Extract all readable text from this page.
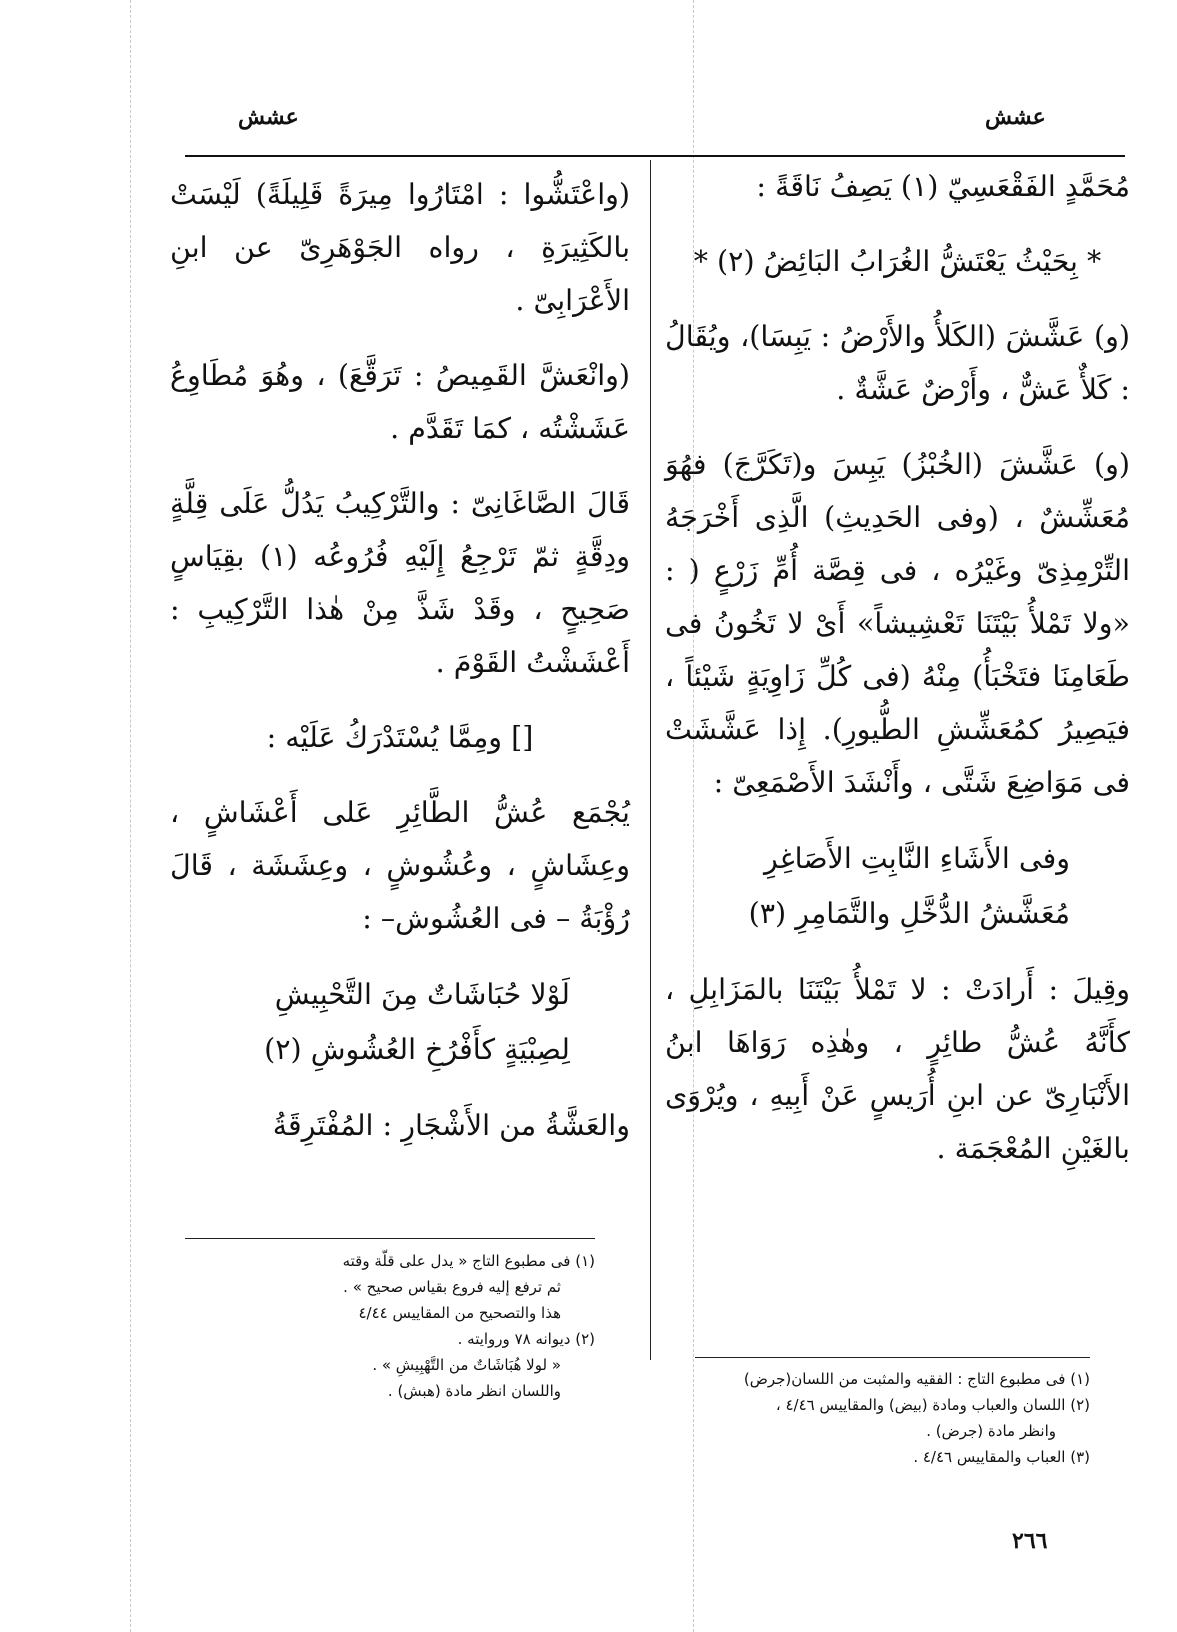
عشش	عشش

مُحَمَّدٍ الفَقْعَسِيّ (١) يَصِفُ نَاقَةً :

* بِحَيْثُ يَعْتَشُّ الغُرَابُ البَائِضُ (٢) *

(و) عَشَّشَ (الكَلأُ والأَرْضُ : يَبِسَا)، ويُقَالُ : كَلأٌ عَشٌّ ، وأَرْضٌ عَشَّةٌ .

(و) عَشَّشَ (الخُبْزُ) يَبِسَ و(تَكَرَّجَ) فهُوَ مُعَشِّشٌ ، (وفى الحَدِيثِ) الَّذِى أَخْرَجَهُ التِّرْمِذِىّ وغَيْرُه ، فى قِصَّة أُمِّ زَرْعٍ ( : «ولا تَمْلأُ بَيْتَنَا تَعْشِيشاً» أَىْ لا تَخُونُ فى طَعَامِنَا فتَخْبَأُ) مِنْهُ (فى كُلِّ زَاوِيَةٍ شَيْئاً ، فيَصِيرُ كمُعَشِّشِ الطُّيورِ). إِذا عَشَّشَتْ فى مَوَاضِعَ شَتَّى ، وأَنْشَدَ الأَصْمَعِىّ :

وفى الأَشَاءِ النَّابِتِ الأَصَاغِرِ
مُعَشَّشُ الدُّخَّلِ والتَّمَامِرِ (٣)

وقِيلَ : أَرادَتْ : لا تَمْلأُ بَيْتَنَا بالمَزَابِلِ ، كأَنَّهُ عُشُّ طائِرٍ ، وهٰذِه رَوَاهَا ابنُ الأَنْبَارِىّ عن ابنِ أُرَيسٍ عَنْ أَبِيهِ ، ويُرْوَى بالغَيْنِ المُعْجَمَة .

(١) فى مطبوع التاج : الفقيه والمثبت من اللسان(جرض)
(٢) اللسان والعباب ومادة (بيض) والمقاييس ٤/٤٦ ،
وانظر مادة (جرض) .
(٣) العباب والمقاييس ٤/٤٦ .

(واعْتَشُّوا : امْتَارُوا مِيرَةً قَلِيلَةً) لَيْسَتْ بالكَثِيرَةِ ، رواه الجَوْهَرِىّ عن ابنِ الأَعْرَابِىّ .

(وانْعَشَّ القَمِيصُ : تَرَقَّعَ) ، وهُوَ مُطَاوِعُ عَشَشْتُه ، كمَا تَقَدَّم .

قَالَ الصَّاغَانِىّ : والتَّرْكِيبُ يَدُلُّ عَلَى قِلَّةٍ ودِقَّةٍ ثمّ تَرْجِعُ إِلَيْهِ فُرُوعُه (١) بقِيَاسٍ صَحِيحٍ ، وقَدْ شَذَّ مِنْ هٰذا التَّرْكِيبِ : أَعْشَشْتُ القَوْمَ .

[] ومِمَّا يُسْتَدْرَكُ عَلَيْه :

يُجْمَع عُشُّ الطَّائِرِ عَلى أَعْشَاشٍ ، وعِشَاشٍ ، وعُشُوشٍ ، وعِشَشَة ، قَالَ رُؤْبَةُ – فى العُشُوش– :

لَوْلا حُبَاشَاتٌ مِنَ التَّحْبِيشِ
لِصِبْيَةٍ كأَفْرُخِ العُشُوشِ (٢)

والعَشَّةُ من الأَشْجَارِ : المُفْتَرِقَةُ

(١) فى مطبوع التاج « يدل على قلّة وقته
ثم ترفع إليه فروع بقياس صحيح » .
هذا والتصحيح من المقاييس ٤/٤٤
(٢) ديوانه ٧٨ وروايته .
« لولا هُبَاشَاتٌ من التَّهْبِيشِ » .
واللسان انظر مادة (هبش) .
٢٦٦
